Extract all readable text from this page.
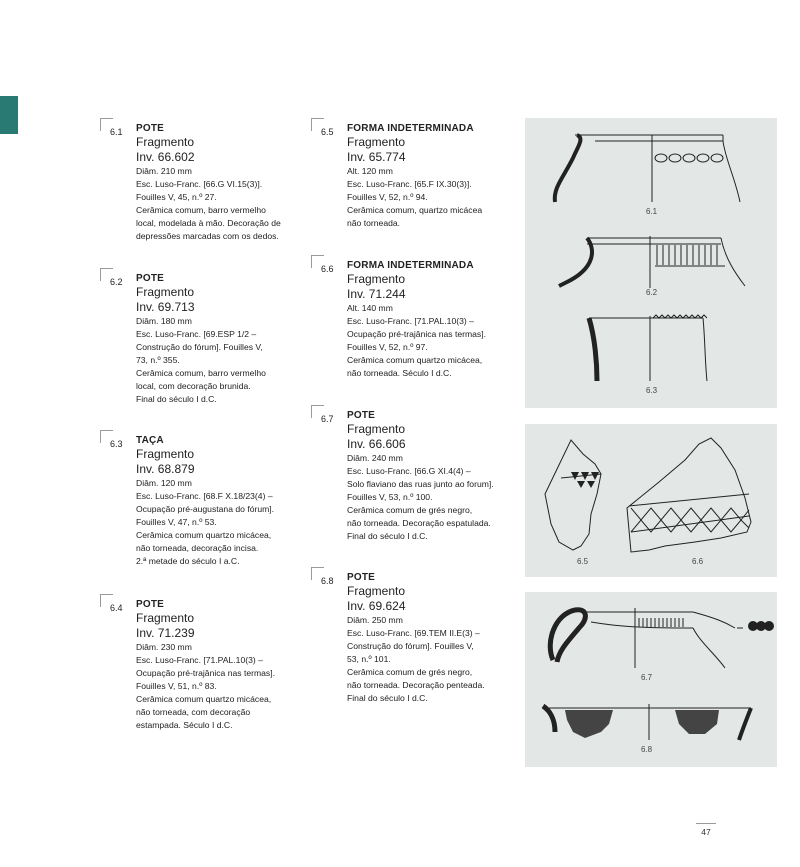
6.1 POTE
Fragmento
Inv. 66.602
Diâm. 210 mm
Esc. Luso-Franc. [66.G VI.15(3)].
Fouilles V, 45, n.º 27.
Cerâmica comum, barro vermelho
local, modelada à mão. Decoração de
depressões marcadas com os dedos.
6.2 POTE
Fragmento
Inv. 69.713
Diâm. 180 mm
Esc. Luso-Franc. [69.ESP 1/2 –
Construção do fórum]. Fouilles V,
73, n.º 355.
Cerâmica comum, barro vermelho
local, com decoração brunida.
Final do século I d.C.
6.3 TAÇA
Fragmento
Inv. 68.879
Diâm. 120 mm
Esc. Luso-Franc. [68.F X.18/23(4) –
Ocupação pré-augustana do fórum].
Fouilles V, 47, n.º 53.
Cerâmica comum quartzo micácea,
não torneada, decoração incisa.
2.ª metade do século I a.C.
6.4 POTE
Fragmento
Inv. 71.239
Diâm. 230 mm
Esc. Luso-Franc. [71.PAL.10(3) –
Ocupação pré-trajânica nas termas].
Fouilles V, 51, n.º 83.
Cerâmica comum quartzo micácea,
não torneada, com decoração
estampada. Século I d.C.
6.5 FORMA INDETERMINADA
Fragmento
Inv. 65.774
Alt. 120 mm
Esc. Luso-Franc. [65.F IX.30(3)].
Fouilles V, 52, n.º 94.
Cerâmica comum, quartzo micácea
não torneada.
6.6 FORMA INDETERMINADA
Fragmento
Inv. 71.244
Alt. 140 mm
Esc. Luso-Franc. [71.PAL.10(3) –
Ocupação pré-trajânica nas termas].
Fouilles V, 52, n.º 97.
Cerâmica comum quartzo micácea,
não torneada. Século I d.C.
6.7 POTE
Fragmento
Inv. 66.606
Diâm. 240 mm
Esc. Luso-Franc. [66.G XI.4(4) –
Solo flaviano das ruas junto ao forum].
Fouilles V, 53, n.º 100.
Cerâmica comum de grés negro,
não torneada. Decoração espatulada.
Final do século I d.C.
6.8 POTE
Fragmento
Inv. 69.624
Diâm. 250 mm
Esc. Luso-Franc. [69.TEM II.E(3) –
Construção do fórum]. Fouilles V,
53, n.º 101.
Cerâmica comum de grés negro,
não torneada. Decoração penteada.
Final do século I d.C.
6.1
6.2
6.3
6.5	6.6
6.7
6.8
47
